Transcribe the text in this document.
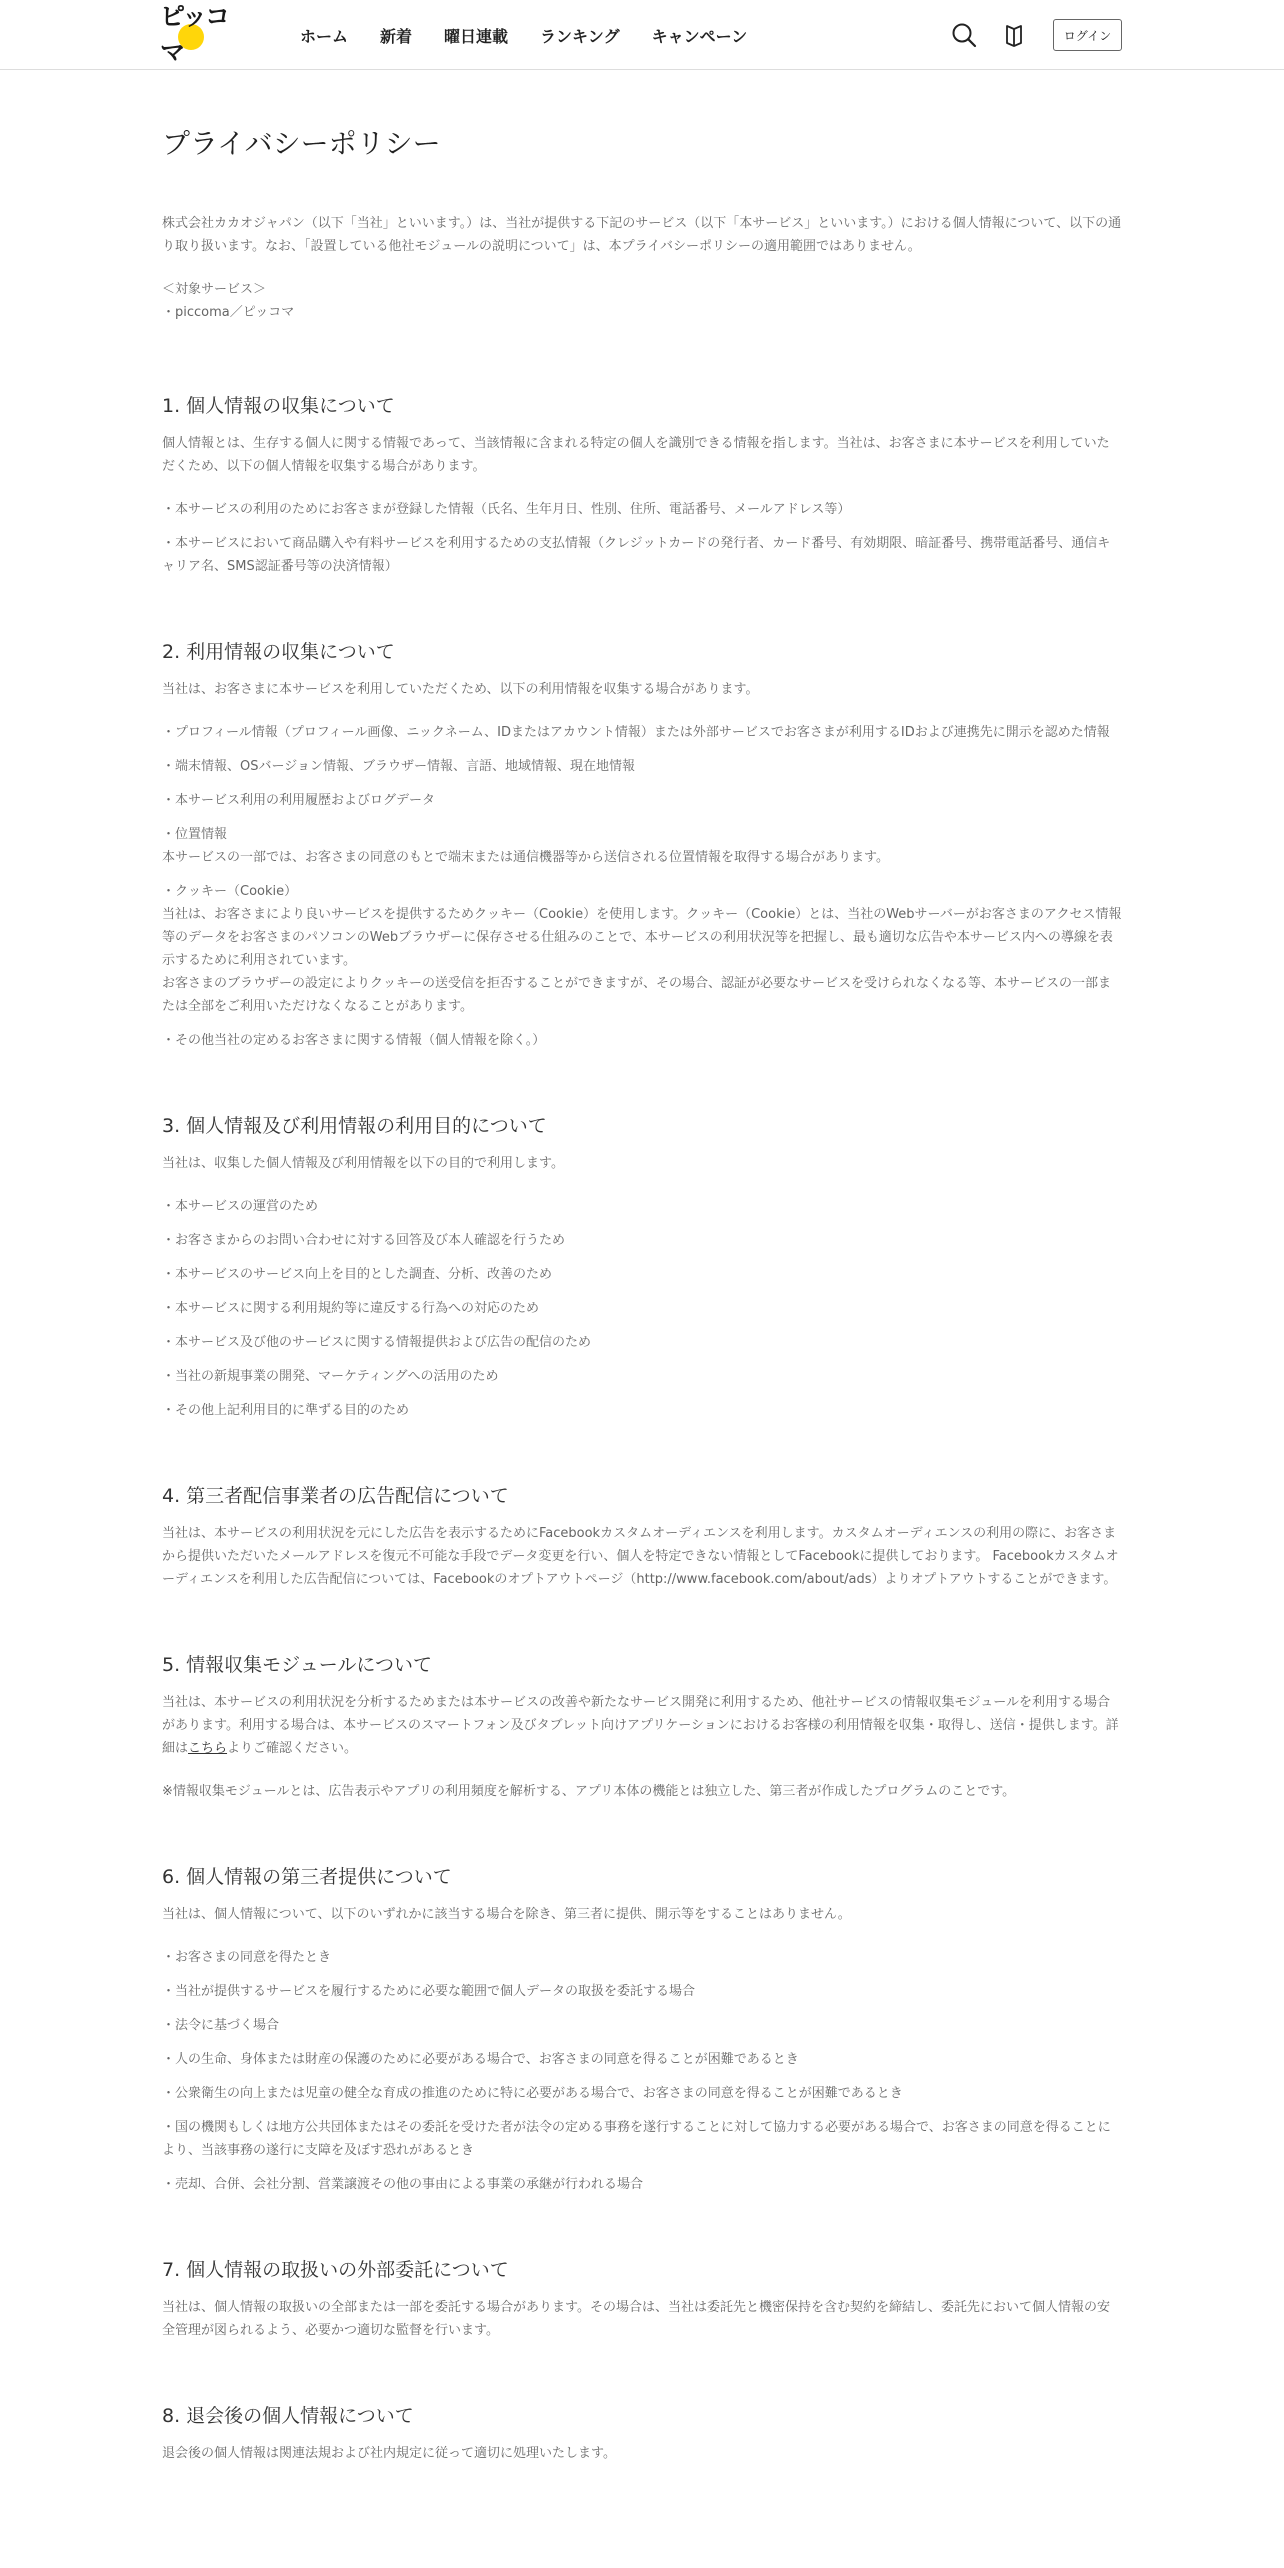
ピッコマ
ホーム 新着 曜日連載 ランキング キャンペーン	ログイン
プライバシーポリシー

株式会社カカオジャパン（以下「当社」といいます。）は、当社が提供する下記のサービス（以下「本サービス」といいます。）における個人情報について、以下の通り取り扱います。なお、「設置している他社モジュールの説明について」は、本プライバシーポリシーの適用範囲ではありません。

＜対象サービス＞

・piccoma／ピッコマ

1. 個人情報の収集について

個人情報とは、生存する個人に関する情報であって、当該情報に含まれる特定の個人を識別できる情報を指します。当社は、お客さまに本サービスを利用していただくため、以下の個人情報を収集する場合があります。

・本サービスの利用のためにお客さまが登録した情報（氏名、生年月日、性別、住所、電話番号、メールアドレス等）
・本サービスにおいて商品購入や有料サービスを利用するための支払情報（クレジットカードの発行者、カード番号、有効期限、暗証番号、携帯電話番号、通信キャリア名、SMS認証番号等の決済情報）
2. 利用情報の収集について

当社は、お客さまに本サービスを利用していただくため、以下の利用情報を収集する場合があります。

・プロフィール情報（プロフィール画像、ニックネーム、IDまたはアカウント情報）または外部サービスでお客さまが利用するIDおよび連携先に開示を認めた情報
・端末情報、OSバージョン情報、ブラウザー情報、言語、地域情報、現在地情報
・本サービス利用の利用履歴およびログデータ
・位置情報
本サービスの一部では、お客さまの同意のもとで端末または通信機器等から送信される位置情報を取得する場合があります。
・クッキー（Cookie）
当社は、お客さまにより良いサービスを提供するためクッキー（Cookie）を使用します。クッキー（Cookie）とは、当社のWebサーバーがお客さまのアクセス情報等のデータをお客さまのパソコンのWebブラウザーに保存させる仕組みのことで、本サービスの利用状況等を把握し、最も適切な広告や本サービス内への導線を表示するために利用されています。
お客さまのブラウザーの設定によりクッキーの送受信を拒否することができますが、その場合、認証が必要なサービスを受けられなくなる等、本サービスの一部または全部をご利用いただけなくなることがあります。
・その他当社の定めるお客さまに関する情報（個人情報を除く。）
3. 個人情報及び利用情報の利用目的について

当社は、収集した個人情報及び利用情報を以下の目的で利用します。

・本サービスの運営のため
・お客さまからのお問い合わせに対する回答及び本人確認を行うため
・本サービスのサービス向上を目的とした調査、分析、改善のため
・本サービスに関する利用規約等に違反する行為への対応のため
・本サービス及び他のサービスに関する情報提供および広告の配信のため
・当社の新規事業の開発、マーケティングへの活用のため
・その他上記利用目的に準ずる目的のため
4. 第三者配信事業者の広告配信について

当社は、本サービスの利用状況を元にした広告を表示するためにFacebookカスタムオーディエンスを利用します。カスタムオーディエンスの利用の際に、お客さまから提供いただいたメールアドレスを復元不可能な手段でデータ変更を行い、個人を特定できない情報としてFacebookに提供しております。 Facebookカスタムオーディエンスを利用した広告配信については、Facebookのオプトアウトページ（http://www.facebook.com/about/ads）よりオプトアウトすることができます。

5. 情報収集モジュールについて

当社は、本サービスの利用状況を分析するためまたは本サービスの改善や新たなサービス開発に利用するため、他社サービスの情報収集モジュールを利用する場合があります。利用する場合は、本サービスのスマートフォン及びタブレット向けアプリケーションにおけるお客様の利用情報を収集・取得し、送信・提供します。詳細はこちらよりご確認ください。

※情報収集モジュールとは、広告表示やアプリの利用頻度を解析する、アプリ本体の機能とは独立した、第三者が作成したプログラムのことです。

6. 個人情報の第三者提供について

当社は、個人情報について、以下のいずれかに該当する場合を除き、第三者に提供、開示等をすることはありません。

・お客さまの同意を得たとき
・当社が提供するサービスを履行するために必要な範囲で個人データの取扱を委託する場合
・法令に基づく場合
・人の生命、身体または財産の保護のために必要がある場合で、お客さまの同意を得ることが困難であるとき
・公衆衛生の向上または児童の健全な育成の推進のために特に必要がある場合で、お客さまの同意を得ることが困難であるとき
・国の機関もしくは地方公共団体またはその委託を受けた者が法令の定める事務を遂行することに対して協力する必要がある場合で、お客さまの同意を得ることにより、当該事務の遂行に支障を及ぼす恐れがあるとき
・売却、合併、会社分割、営業譲渡その他の事由による事業の承継が行われる場合
7. 個人情報の取扱いの外部委託について

当社は、個人情報の取扱いの全部または一部を委託する場合があります。その場合は、当社は委託先と機密保持を含む契約を締結し、委託先において個人情報の安全管理が図られるよう、必要かつ適切な監督を行います。

8. 退会後の個人情報について

退会後の個人情報は関連法規および社内規定に従って適切に処理いたします。
